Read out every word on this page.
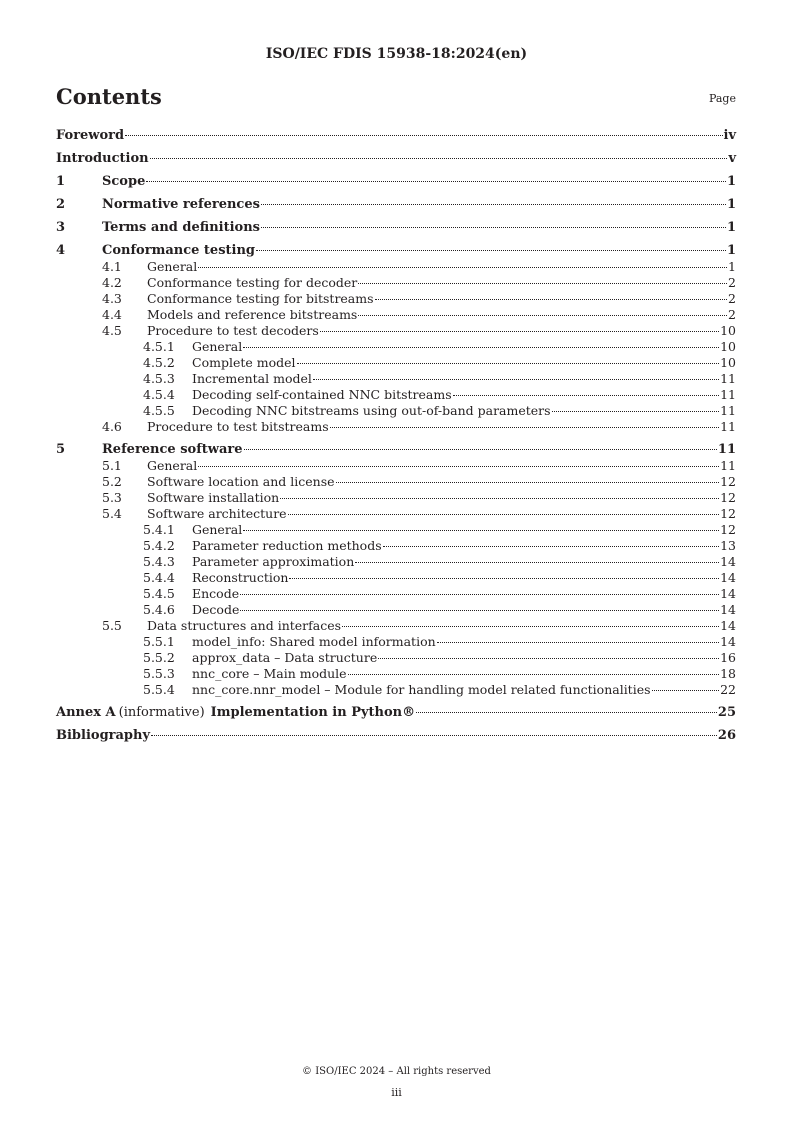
ISO/IEC FDIS 15938-18:2024(en)
Contents	Page
Foreword	iv
Introduction	v
1	Scope	1
2	Normative references	1
3	Terms and definitions	1
4	Conformance testing	1
4.1	General	1
4.2	Conformance testing for decoder	2
4.3	Conformance testing for bitstreams	2
4.4	Models and reference bitstreams	2
4.5	Procedure to test decoders	10
4.5.1	General	10
4.5.2	Complete model	10
4.5.3	Incremental model	11
4.5.4	Decoding self-contained NNC bitstreams	11
4.5.5	Decoding NNC bitstreams using out-of-band parameters	11
4.6	Procedure to test bitstreams	11
5	Reference software	11
5.1	General	11
5.2	Software location and license	12
5.3	Software installation	12
5.4	Software architecture	12
5.4.1	General	12
5.4.2	Parameter reduction methods	13
5.4.3	Parameter approximation	14
5.4.4	Reconstruction	14
5.4.5	Encode	14
5.4.6	Decode	14
5.5	Data structures and interfaces	14
5.5.1	model_info: Shared model information	14
5.5.2	approx_data – Data structure	16
5.5.3	nnc_core – Main module	18
5.5.4	nnc_core.nnr_model – Module for handling model related functionalities	22
Annex A (informative) Implementation in Python®	25
Bibliography	26
© ISO/IEC 2024 – All rights reserved
iii
